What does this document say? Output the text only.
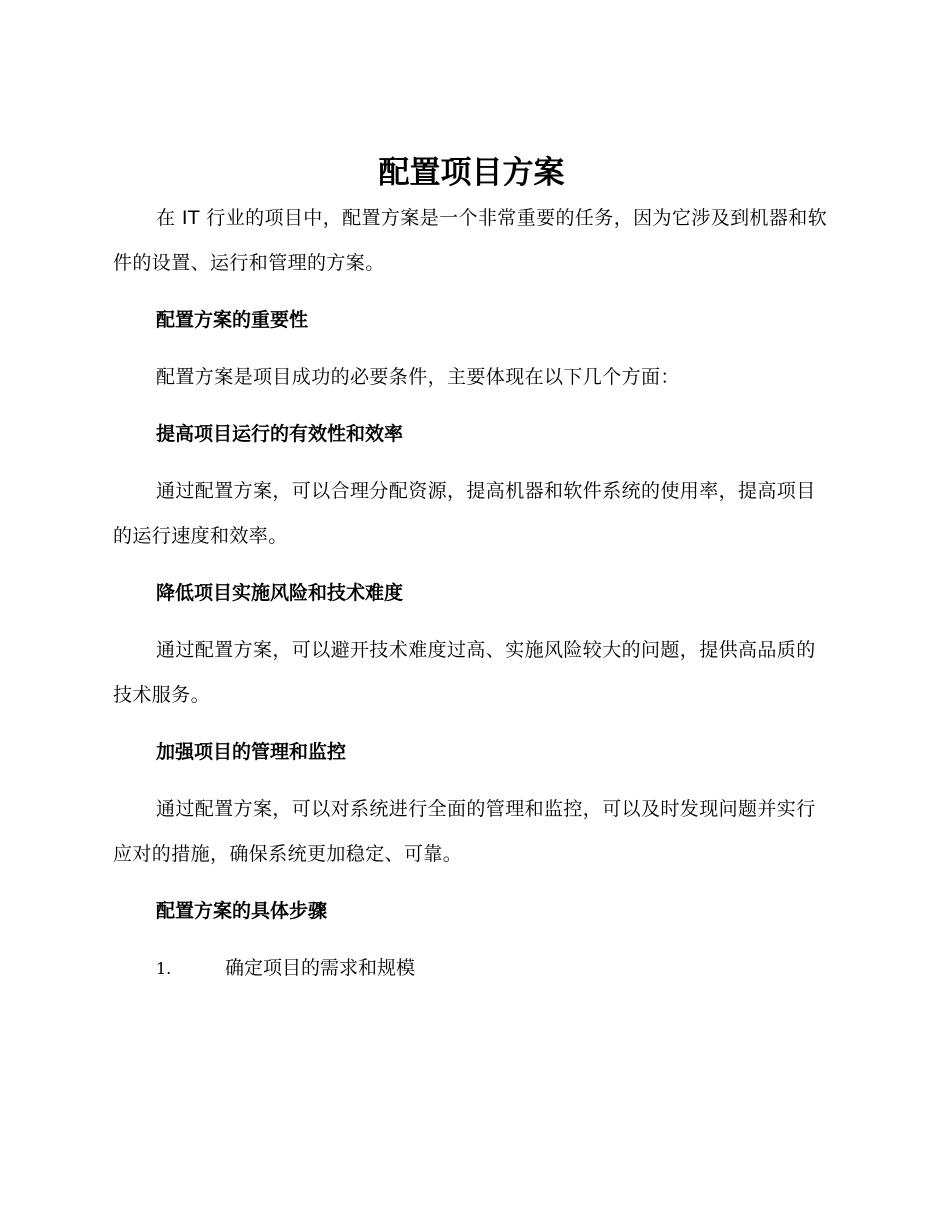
配置项目方案

在 IT 行业的项目中，配置方案是一个非常重要的任务，因为它涉及到机器和软件的设置、运行和管理的方案。

配置方案的重要性

配置方案是项目成功的必要条件，主要体现在以下几个方面：

提高项目运行的有效性和效率

通过配置方案，可以合理分配资源，提高机器和软件系统的使用率，提高项目的运行速度和效率。

降低项目实施风险和技术难度

通过配置方案，可以避开技术难度过高、实施风险较大的问题，提供高品质的技术服务。

加强项目的管理和监控

通过配置方案，可以对系统进行全面的管理和监控，可以及时发现问题并实行应对的措施，确保系统更加稳定、可靠。

配置方案的具体步骤
1.	确定项目的需求和规模
